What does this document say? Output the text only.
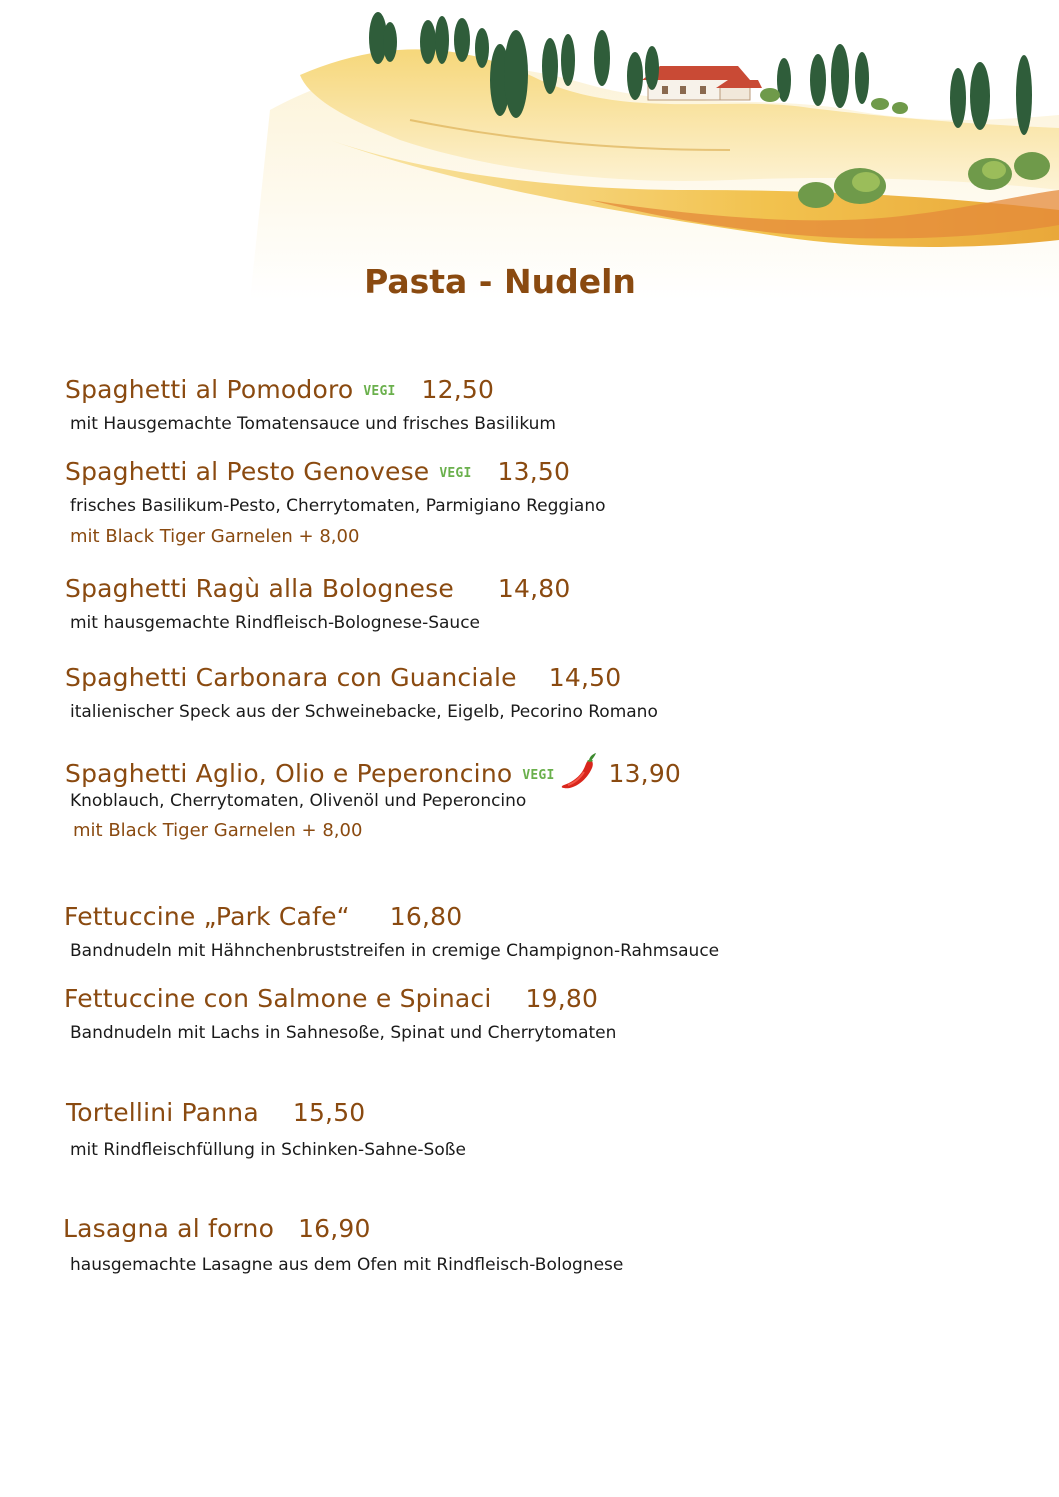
Pasta - Nudeln
Spaghetti al Pomodoro VEGI 12,50
mit Hausgemachte Tomatensauce und frisches Basilikum
Spaghetti al Pesto Genovese VEGI 13,50
frisches Basilikum-Pesto, Cherrytomaten, Parmigiano Reggiano
mit Black Tiger Garnelen + 8,00
Spaghetti Ragù alla Bolognese 14,80
mit hausgemachte Rindfleisch-Bolognese-Sauce
Spaghetti Carbonara con Guanciale 14,50
italienischer Speck aus der Schweinebacke, Eigelb, Pecorino Romano
Spaghetti Aglio, Olio e Peperoncino VEGI 13,90
Knoblauch, Cherrytomaten, Olivenöl und Peperoncino
mit Black Tiger Garnelen + 8,00
Fettuccine „Park Cafe“ 16,80
Bandnudeln mit Hähnchenbruststreifen in cremige Champignon-Rahmsauce
Fettuccine con Salmone e Spinaci 19,80
Bandnudeln mit Lachs in Sahnesoße, Spinat und Cherrytomaten
Tortellini Panna 15,50
mit Rindfleischfüllung in Schinken-Sahne-Soße
Lasagna al forno 16,90
hausgemachte Lasagne aus dem Ofen mit Rindfleisch-Bolognese
